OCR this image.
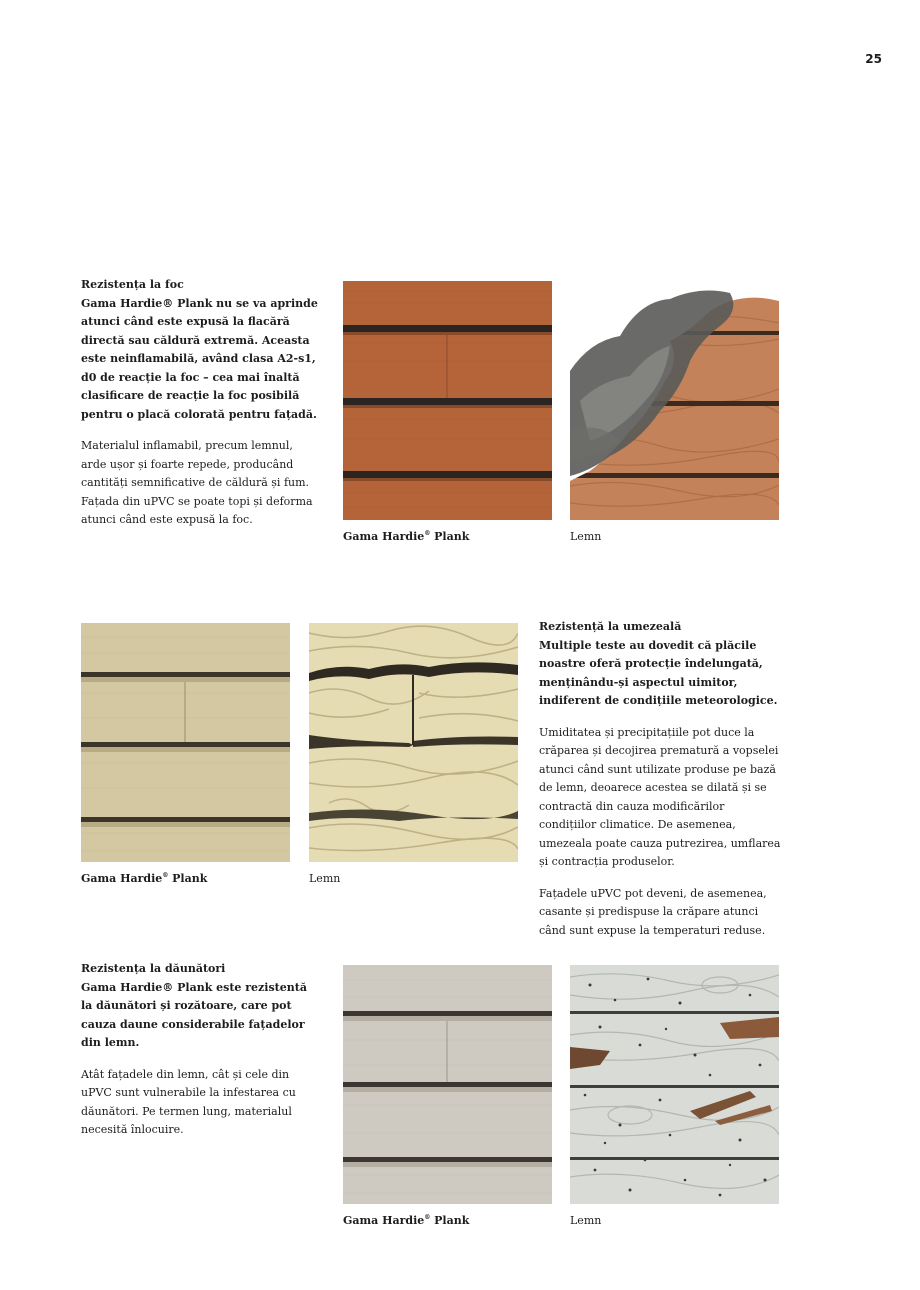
25
Rezistența la foc
Gama Hardie® Plank nu se va aprinde atunci când este expusă la flacără directă sau căldură extremă. Aceasta este neinflamabilă, având clasa A2-s1, d0 de reacție la foc – cea mai înaltă clasificare de reacție la foc posibilă pentru o placă colorată pentru fațadă.
Materialul inflamabil, precum lemnul, arde ușor și foarte repede, producând cantități semnificative de căldură și fum. Fațada din uPVC se poate topi și deforma atunci când este expusă la foc.
Gama Hardie® Plank	Lemn
Gama Hardie® Plank	Lemn
Rezistență la umezeală
Multiple teste au dovedit că plăcile noastre oferă protecție îndelungată, menținându-și aspectul uimitor, indiferent de condițiile meteorologice.
Umiditatea și precipitațiile pot duce la crăparea și decojirea prematură a vopselei atunci când sunt utilizate produse pe bază de lemn, deoarece acestea se dilată și se contractă din cauza modificărilor condițiilor climatice. De asemenea, umezeala poate cauza putrezirea, umflarea și contracția produselor.
Fațadele uPVC pot deveni, de asemenea, casante și predispuse la crăpare atunci când sunt expuse la temperaturi reduse.
Rezistența la dăunători
Gama Hardie® Plank este rezistentă la dăunători și rozătoare, care pot cauza daune considerabile fațadelor din lemn.
Atât fațadele din lemn, cât și cele din uPVC sunt vulnerabile la infestarea cu dăunători. Pe termen lung, materialul necesită înlocuire.
Gama Hardie® Plank	Lemn
